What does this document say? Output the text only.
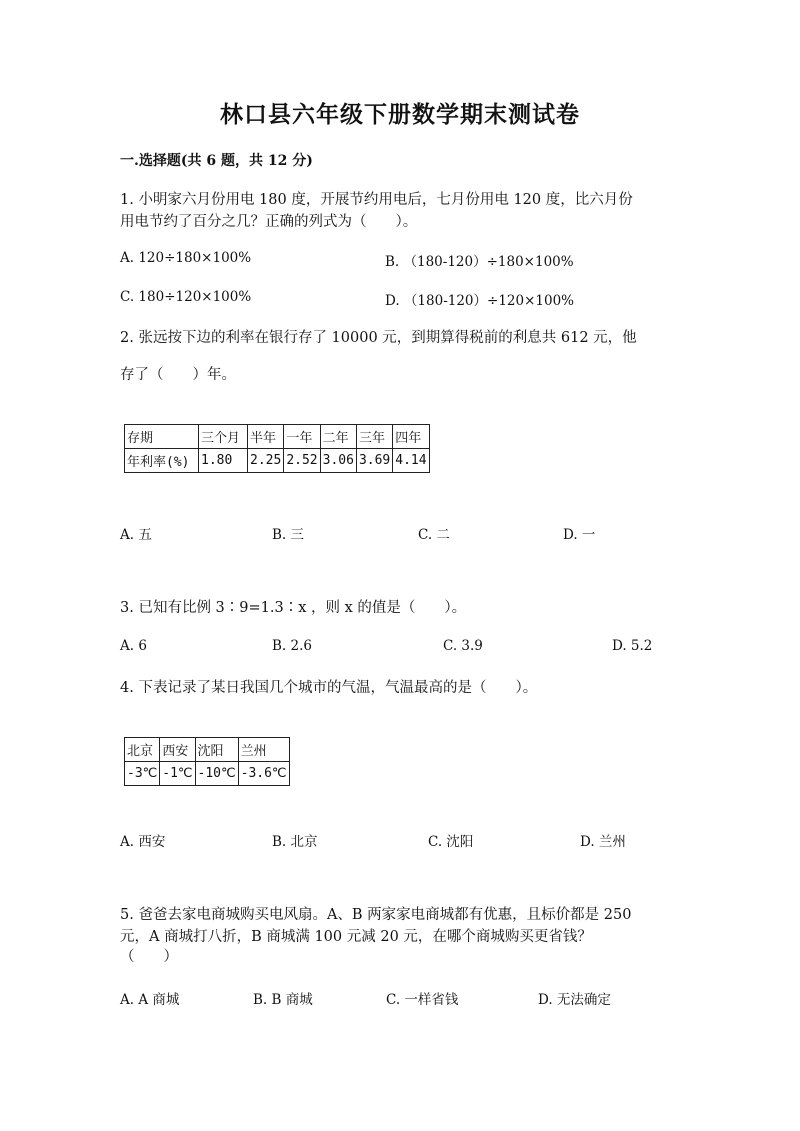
林口县六年级下册数学期末测试卷
一.选择题(共 6 题，共 12 分)
1. 小明家六月份用电 180 度，开展节约用电后，七月份用电 120 度，比六月份
用电节约了百分之几？正确的列式为（　　）。
A. 120÷180×100%	B. （180-120）÷180×100%
C. 180÷120×100%	D. （180-120）÷120×100%
2. 张远按下边的利率在银行存了 10000 元，到期算得税前的利息共 612 元，他
存了（　　）年。
存期	三个月	半年	一年	二年	三年	四年
年利率(%)	1.80	2.25	2.52	3.06	3.69	4.14
A. 五	B. 三	C. 二	D. 一
3. 已知有比例 3∶9=1.3∶x ，则 x 的值是（　　）。
A. 6	B. 2.6	C. 3.9	D. 5.2
4. 下表记录了某日我国几个城市的气温，气温最高的是（　　）。
北京	西安	沈阳	兰州
-3℃	-1℃	-10℃	-3.6℃
A. 西安	B. 北京	C. 沈阳	D. 兰州
5. 爸爸去家电商城购买电风扇。A、B 两家家电商城都有优惠，且标价都是 250
元，A 商城打八折，B 商城满 100 元减 20 元，在哪个商城购买更省钱？
（　　）
A. A 商城	B. B 商城	C. 一样省钱	D. 无法确定
